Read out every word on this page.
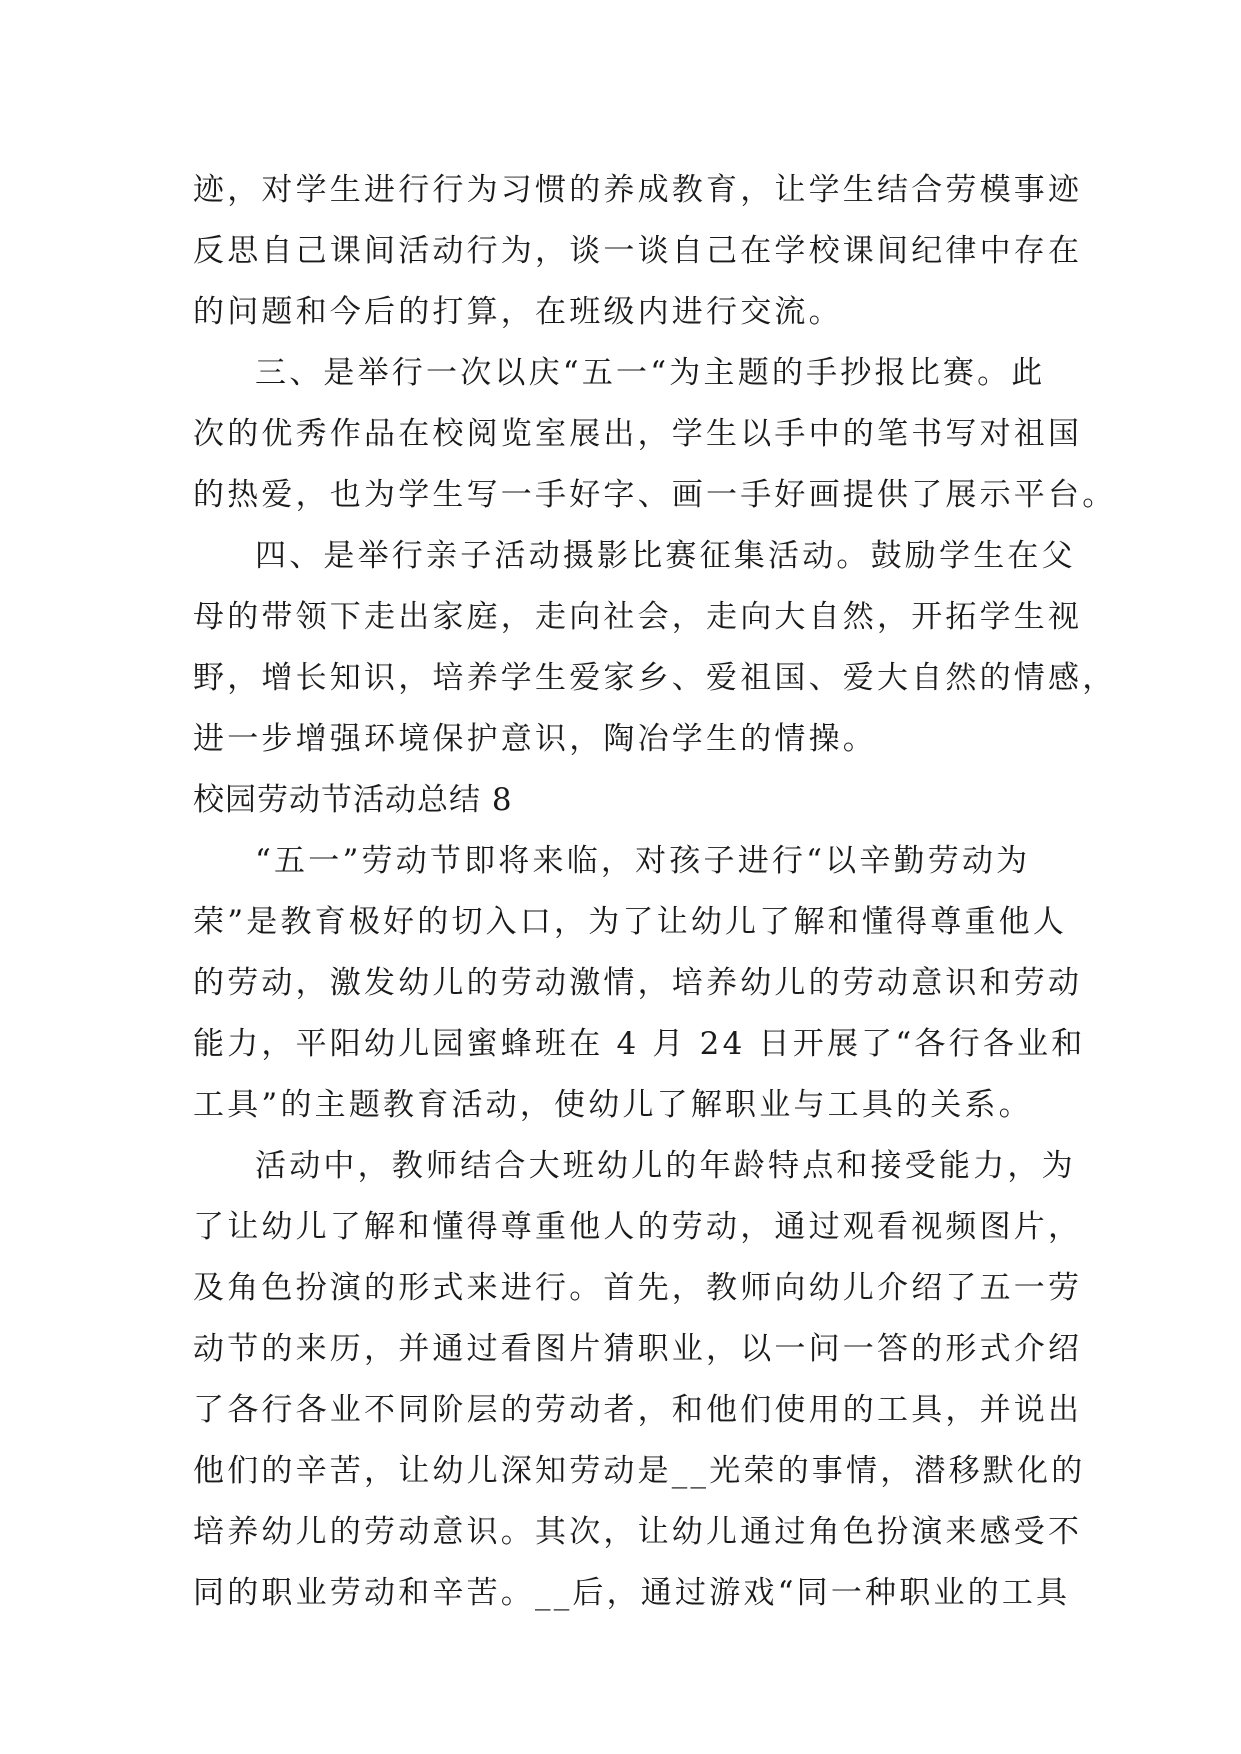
迹，对学生进行行为习惯的养成教育，让学生结合劳模事迹
反思自己课间活动行为，谈一谈自己在学校课间纪律中存在
的问题和今后的打算，在班级内进行交流。
三、是举行一次以庆“五一“为主题的手抄报比赛。此
次的优秀作品在校阅览室展出，学生以手中的笔书写对祖国
的热爱，也为学生写一手好字、画一手好画提供了展示平台。
四、是举行亲子活动摄影比赛征集活动。鼓励学生在父
母的带领下走出家庭，走向社会，走向大自然，开拓学生视
野，增长知识，培养学生爱家乡、爱祖国、爱大自然的情感，
进一步增强环境保护意识，陶冶学生的情操。
校园劳动节活动总结 8
“五一”劳动节即将来临，对孩子进行“以辛勤劳动为
荣”是教育极好的切入口，为了让幼儿了解和懂得尊重他人
的劳动，激发幼儿的劳动激情，培养幼儿的劳动意识和劳动
能力，平阳幼儿园蜜蜂班在 4 月 24 日开展了“各行各业和
工具”的主题教育活动，使幼儿了解职业与工具的关系。
活动中，教师结合大班幼儿的年龄特点和接受能力，为
了让幼儿了解和懂得尊重他人的劳动，通过观看视频图片，
及角色扮演的形式来进行。首先，教师向幼儿介绍了五一劳
动节的来历，并通过看图片猜职业，以一问一答的形式介绍
了各行各业不同阶层的劳动者，和他们使用的工具，并说出
他们的辛苦，让幼儿深知劳动是__光荣的事情，潜移默化的
培养幼儿的劳动意识。其次，让幼儿通过角色扮演来感受不
同的职业劳动和辛苦。__后，通过游戏“同一种职业的工具
